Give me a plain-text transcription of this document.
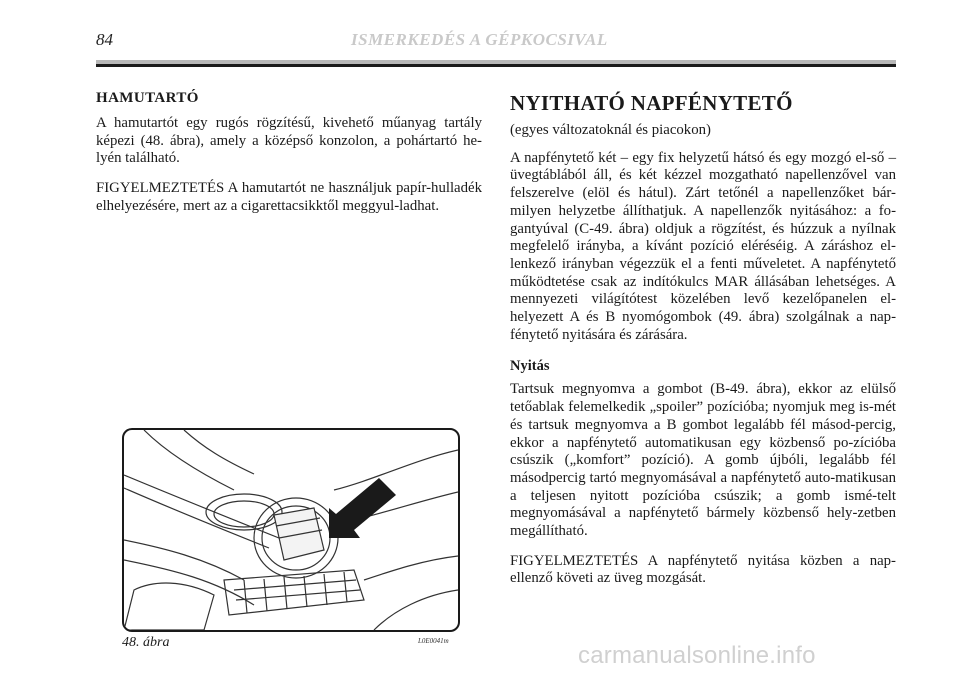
84	ISMERKEDÉS A GÉPKOCSIVAL
HAMUTARTÓ

A hamutartót egy rugós rögzítésű, kivehető műanyag tartály képezi (48. ábra), amely a középső konzolon, a pohártartó he-lyén található.

FIGYELMEZTETÉS A hamutartót ne használjuk papír-hulladék elhelyezésére, mert az a cigarettacsikktől meggyul-ladhat.

48. ábra	L0E0041m
NYITHATÓ NAPFÉNYTETŐ

(egyes változatoknál és piacokon)

A napfénytető két – egy fix helyzetű hátsó és egy mozgó el-ső – üvegtáblából áll, és két kézzel mozgatható napellenzővel van felszerelve (elöl és hátul). Zárt tetőnél a napellenzőket bár-milyen helyzetbe állíthatjuk. A napellenzők nyitásához: a fo-gantyúval (C-49. ábra) oldjuk a rögzítést, és húzzuk a nyílnak megfelelő irányba, a kívánt pozíció eléréséig. A záráshoz el-lenkező irányban végezzük el a fenti műveletet. A napfénytető működtetése csak az indítókulcs MAR állásában lehetséges. A mennyezeti világítótest közelében levő kezelőpanelen el-helyezett A és B nyomógombok (49. ábra) szolgálnak a nap-fénytető nyitására és zárására.

Nyitás

Tartsuk megnyomva a gombot (B-49. ábra), ekkor az elülső tetőablak felemelkedik „spoiler” pozícióba; nyomjuk meg is-mét és tartsuk megnyomva a B gombot legalább fél másod-percig, ekkor a napfénytető automatikusan egy közbenső po-zícióba csúszik („komfort” pozíció). A gomb újbóli, legalább fél másodpercig tartó megnyomásával a napfénytető auto-matikusan a teljesen nyitott pozícióba csúszik; a gomb ismé-telt megnyomásával a napfénytető bármely közbenső hely-zetben megállítható.

FIGYELMEZTETÉS A napfénytető nyitása közben a nap-ellenző követi az üveg mozgását.

carmanualsonline.info
